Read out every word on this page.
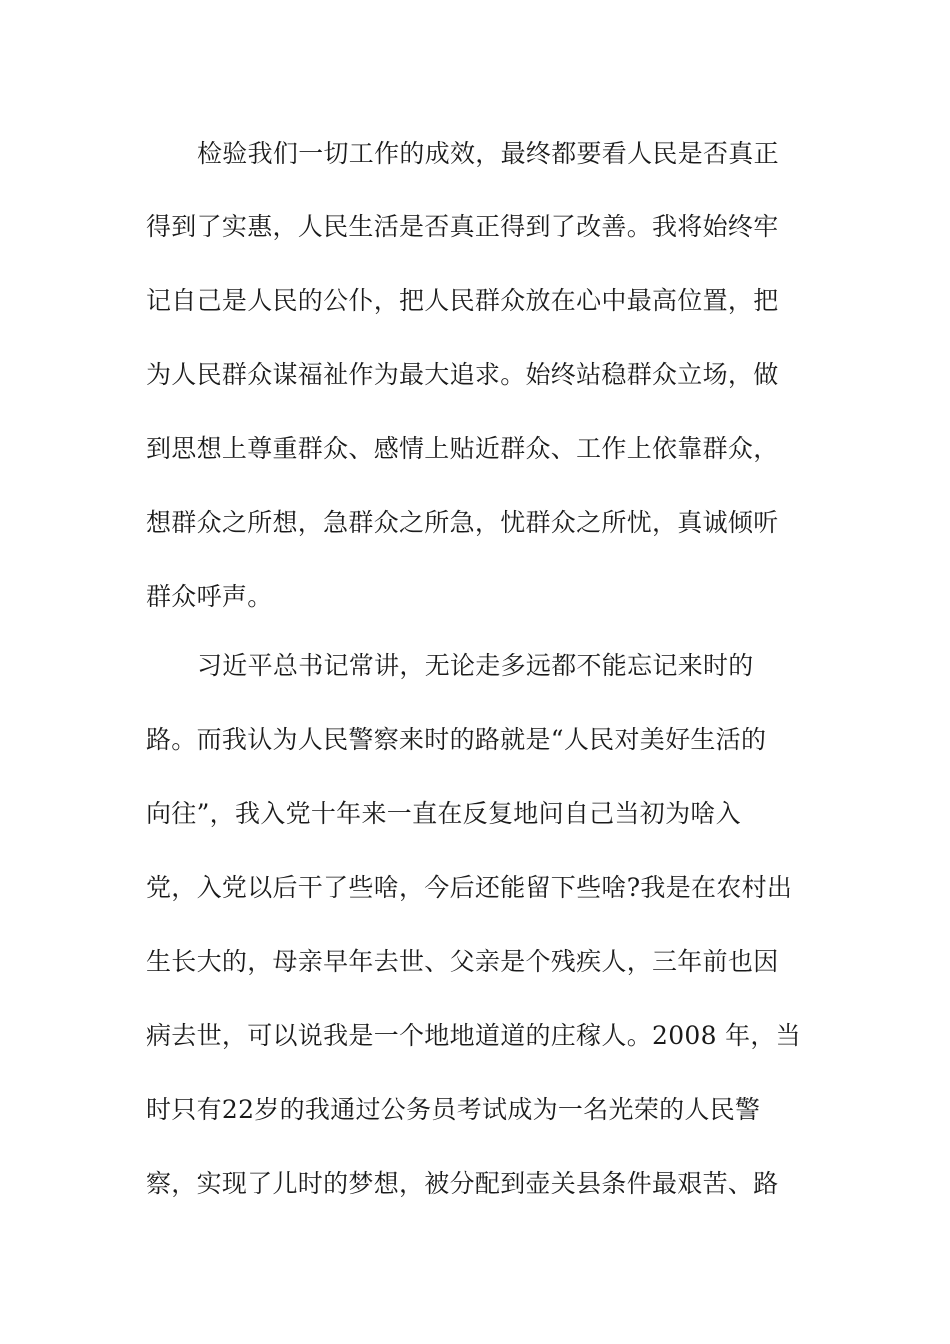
检验我们一切工作的成效，最终都要看人民是否真正

得到了实惠，人民生活是否真正得到了改善。我将始终牢

记自己是人民的公仆，把人民群众放在心中最高位置，把

为人民群众谋福祉作为最大追求。始终站稳群众立场，做

到思想上尊重群众、感情上贴近群众、工作上依靠群众，

想群众之所想，急群众之所急，忧群众之所忧，真诚倾听

群众呼声。

习近平总书记常讲，无论走多远都不能忘记来时的

路。而我认为人民警察来时的路就是“人民对美好生活的

向往”，我入党十年来一直在反复地问自己当初为啥入

党，入党以后干了些啥，今后还能留下些啥?我是在农村出

生长大的，母亲早年去世、父亲是个残疾人，三年前也因

病去世，可以说我是一个地地道道的庄稼人。2008 年，当

时只有22岁的我通过公务员考试成为一名光荣的人民警

察，实现了儿时的梦想，被分配到壶关县条件最艰苦、路
